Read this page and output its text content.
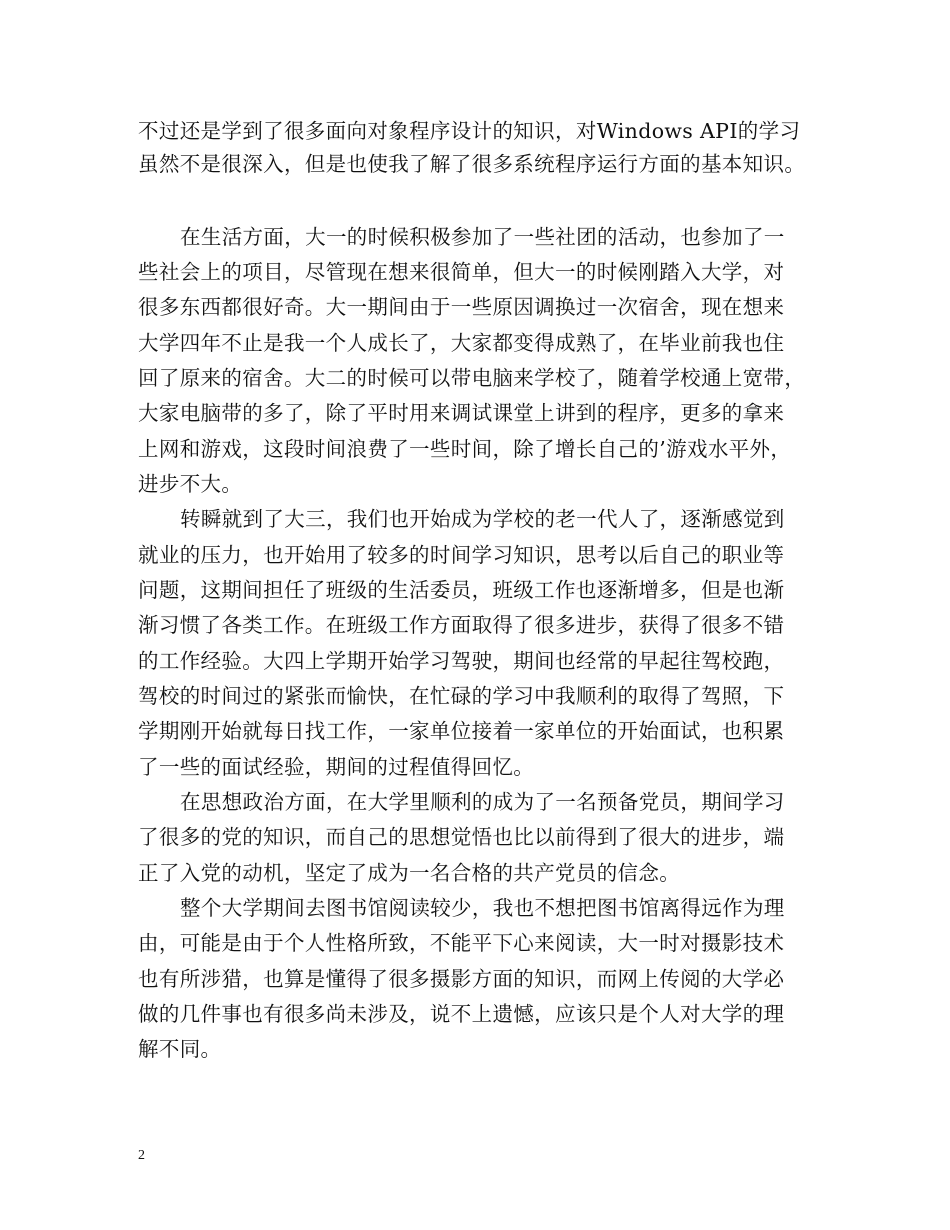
不过还是学到了很多面向对象程序设计的知识，对Windows API的学习
虽然不是很深入，但是也使我了解了很多系统程序运行方面的基本知识。
在生活方面，大一的时候积极参加了一些社团的活动，也参加了一
些社会上的项目，尽管现在想来很简单，但大一的时候刚踏入大学，对
很多东西都很好奇。大一期间由于一些原因调换过一次宿舍，现在想来
大学四年不止是我一个人成长了，大家都变得成熟了，在毕业前我也住
回了原来的宿舍。大二的时候可以带电脑来学校了，随着学校通上宽带，
大家电脑带的多了，除了平时用来调试课堂上讲到的程序，更多的拿来
上网和游戏，这段时间浪费了一些时间，除了增长自己的’游戏水平外，
进步不大。
转瞬就到了大三，我们也开始成为学校的老一代人了，逐渐感觉到
就业的压力，也开始用了较多的时间学习知识，思考以后自己的职业等
问题，这期间担任了班级的生活委员，班级工作也逐渐增多，但是也渐
渐习惯了各类工作。在班级工作方面取得了很多进步，获得了很多不错
的工作经验。大四上学期开始学习驾驶，期间也经常的早起往驾校跑，
驾校的时间过的紧张而愉快，在忙碌的学习中我顺利的取得了驾照，下
学期刚开始就每日找工作，一家单位接着一家单位的开始面试，也积累
了一些的面试经验，期间的过程值得回忆。
在思想政治方面，在大学里顺利的成为了一名预备党员，期间学习
了很多的党的知识，而自己的思想觉悟也比以前得到了很大的进步，端
正了入党的动机，坚定了成为一名合格的共产党员的信念。
整个大学期间去图书馆阅读较少，我也不想把图书馆离得远作为理
由，可能是由于个人性格所致，不能平下心来阅读，大一时对摄影技术
也有所涉猎，也算是懂得了很多摄影方面的知识，而网上传阅的大学必
做的几件事也有很多尚未涉及，说不上遗憾，应该只是个人对大学的理
解不同。
2
